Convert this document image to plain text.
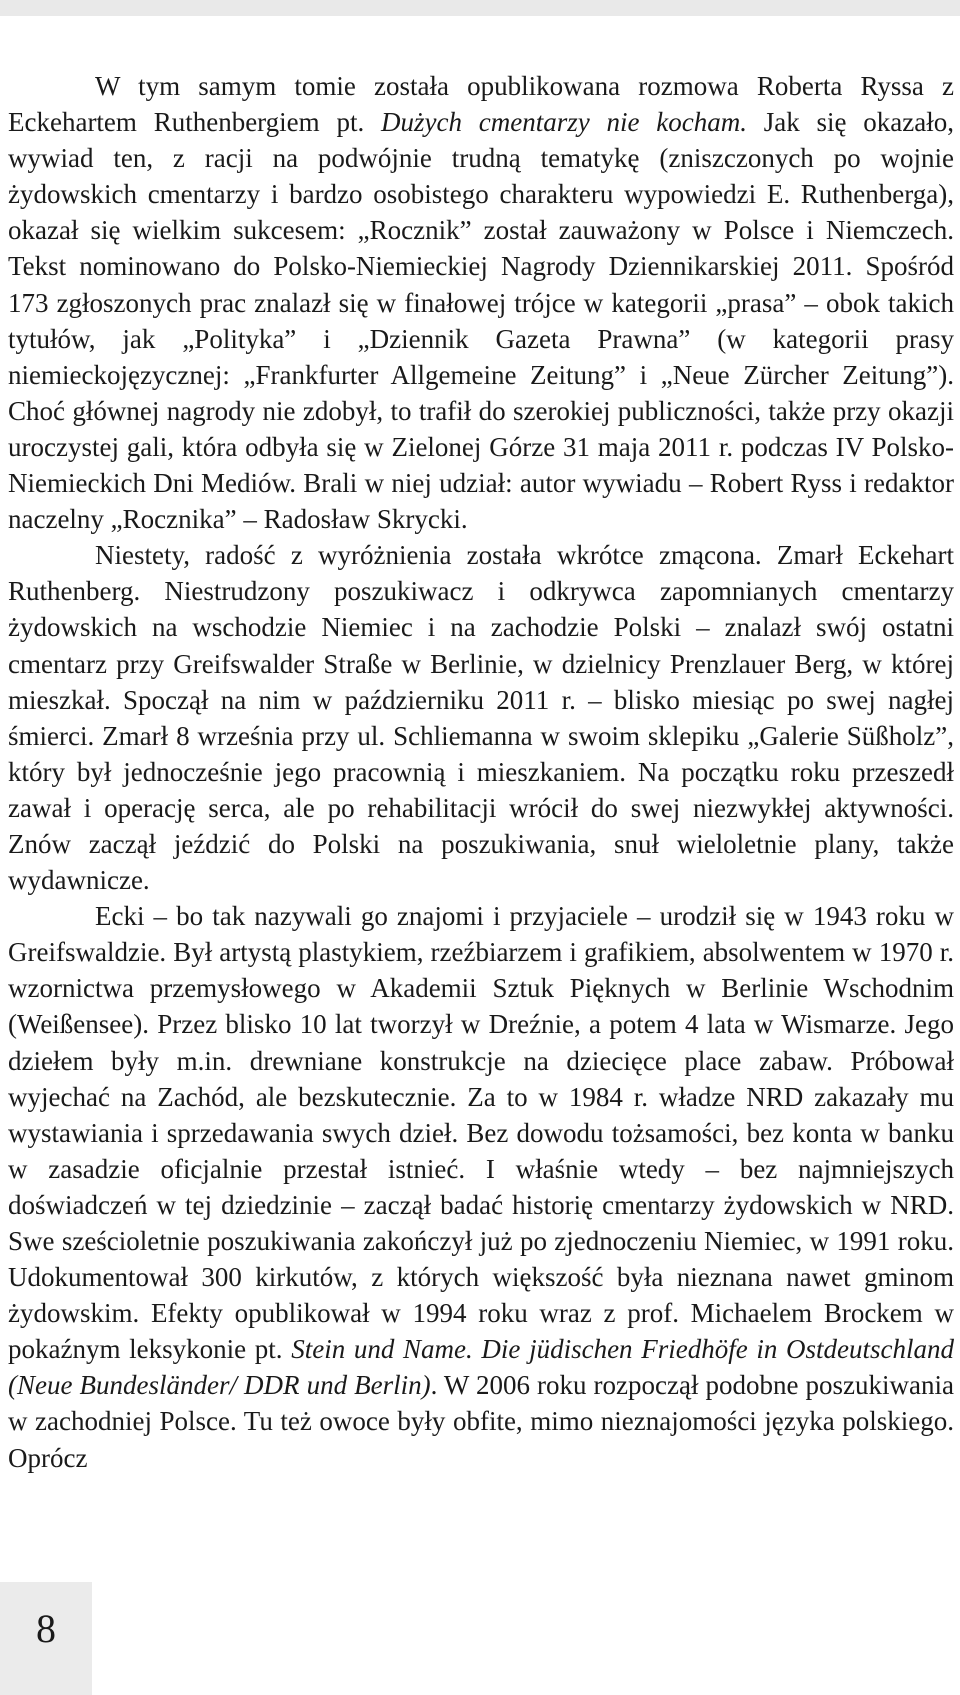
W tym samym tomie została opublikowana rozmowa Roberta Ryssa z Eckehartem Ruthenbergiem pt. Dużych cmentarzy nie kocham. Jak się okazało, wywiad ten, z racji na podwójnie trudną tematykę (zniszczonych po wojnie żydowskich cmentarzy i bardzo osobistego charakteru wypowiedzi E. Ruthenberga), okazał się wielkim sukcesem: „Rocznik” został zauważony w Polsce i Niemczech. Tekst nominowano do Polsko-Niemieckiej Nagrody Dziennikarskiej 2011. Spośród 173 zgłoszonych prac znalazł się w finałowej trójce w kategorii „prasa” – obok takich tytułów, jak „Polityka” i „Dziennik Gazeta Prawna” (w kategorii prasy niemieckojęzycznej: „Frankfurter Allgemeine Zeitung” i „Neue Zürcher Zeitung”). Choć głównej nagrody nie zdobył, to trafił do szerokiej publiczności, także przy okazji uroczystej gali, która odbyła się w Zielonej Górze 31 maja 2011 r. podczas IV Polsko-Niemieckich Dni Mediów. Brali w niej udział: autor wywiadu – Robert Ryss i redaktor naczelny „Rocznika” – Radosław Skrycki.

Niestety, radość z wyróżnienia została wkrótce zmącona. Zmarł Eckehart Ruthenberg. Niestrudzony poszukiwacz i odkrywca zapomnianych cmentarzy żydowskich na wschodzie Niemiec i na zachodzie Polski – znalazł swój ostatni cmentarz przy Greifswalder Straße w Berlinie, w dzielnicy Prenzlauer Berg, w której mieszkał. Spoczął na nim w październiku 2011 r. – blisko miesiąc po swej nagłej śmierci. Zmarł 8 września przy ul. Schliemanna w swoim sklepiku „Galerie Süßholz”, który był jednocześnie jego pracownią i mieszkaniem. Na początku roku przeszedł zawał i operację serca, ale po rehabilitacji wrócił do swej niezwykłej aktywności. Znów zaczął jeździć do Polski na poszukiwania, snuł wieloletnie plany, także wydawnicze.

Ecki – bo tak nazywali go znajomi i przyjaciele – urodził się w 1943 roku w Greifswaldzie. Był artystą plastykiem, rzeźbiarzem i grafikiem, absolwentem w 1970 r. wzornictwa przemysłowego w Akademii Sztuk Pięknych w Berlinie Wschodnim (Weißensee). Przez blisko 10 lat tworzył w Dreźnie, a potem 4 lata w Wismarze. Jego dziełem były m.in. drewniane konstrukcje na dziecięce place zabaw. Próbował wyjechać na Zachód, ale bezskutecznie. Za to w 1984 r. władze NRD zakazały mu wystawiania i sprzedawania swych dzieł. Bez dowodu tożsamości, bez konta w banku w zasadzie oficjalnie przestał istnieć. I właśnie wtedy – bez najmniejszych doświadczeń w tej dziedzinie – zaczął badać historię cmentarzy żydowskich w NRD. Swe sześcioletnie poszukiwania zakończył już po zjednoczeniu Niemiec, w 1991 roku. Udokumentował 300 kirkutów, z których większość była nieznana nawet gminom żydowskim. Efekty opublikował w 1994 roku wraz z prof. Michaelem Brockem w pokaźnym leksykonie pt. Stein und Name. Die jüdischen Friedhöfe in Ostdeutschland (Neue Bundesländer/ DDR und Berlin). W 2006 roku rozpoczął podobne poszukiwania w zachodniej Polsce. Tu też owoce były obfite, mimo nieznajomości języka polskiego. Oprócz

8
